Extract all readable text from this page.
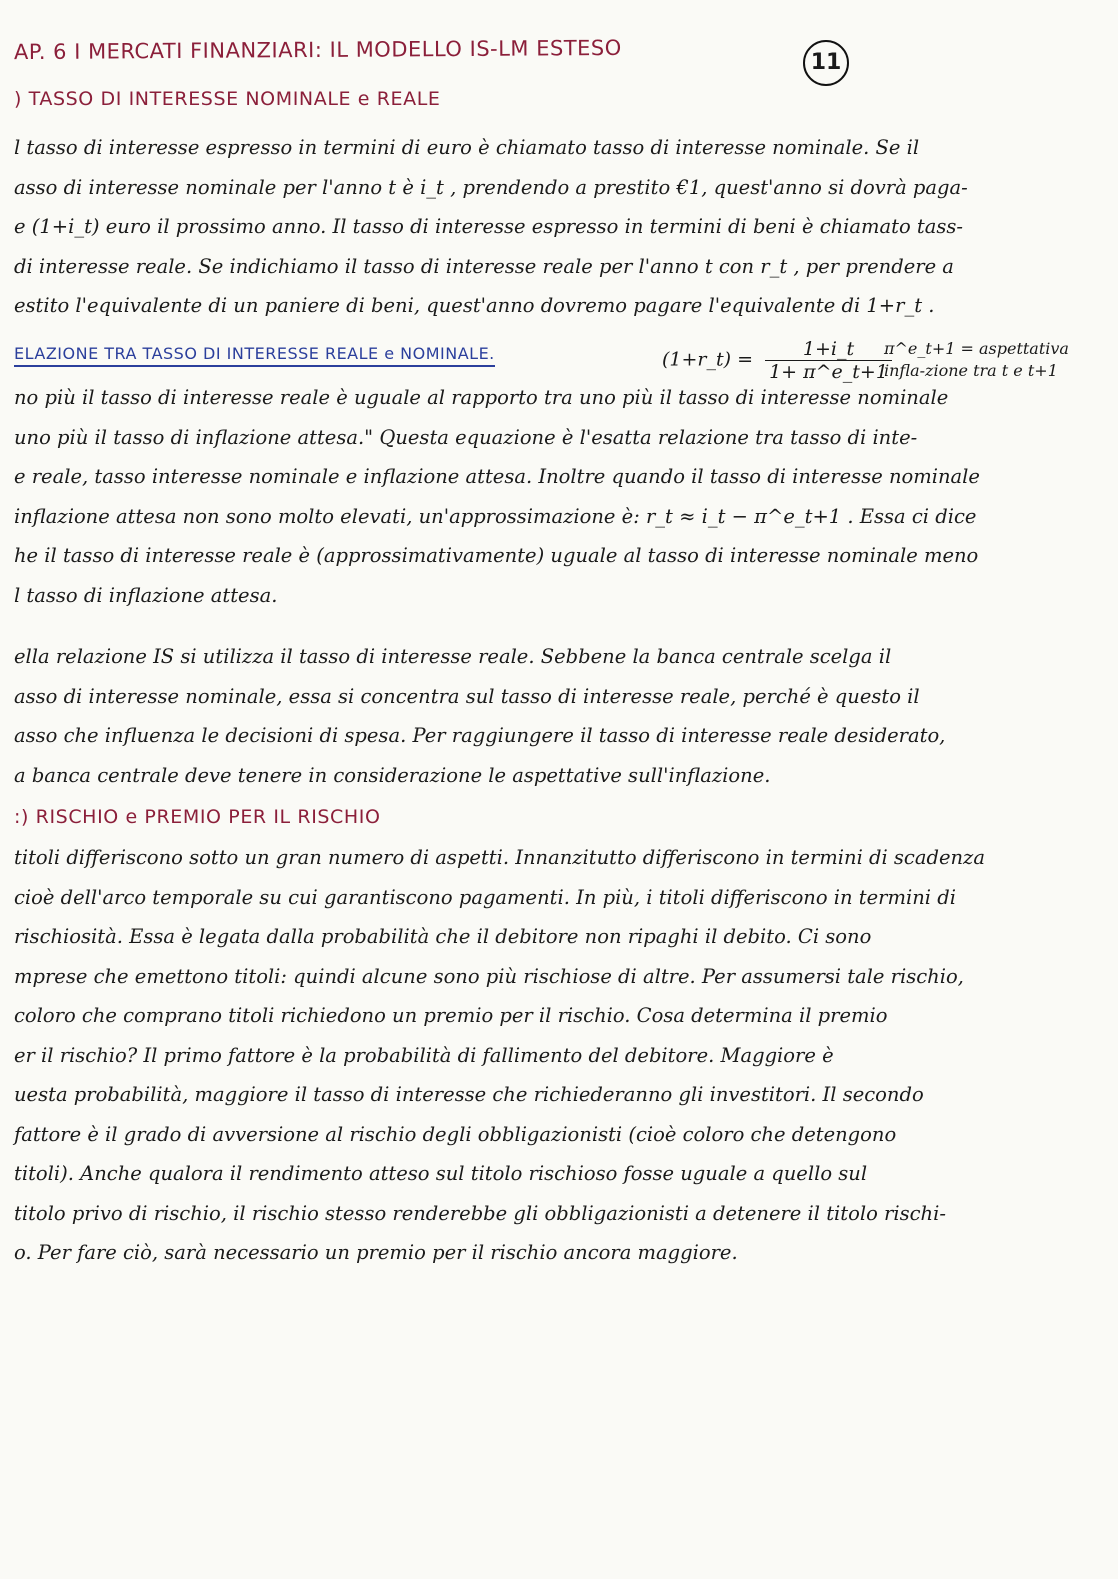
AP. 6 I MERCATI FINANZIARI: IL MODELLO IS-LM ESTESO	11
) TASSO DI INTERESSE NOMINALE e REALE
l tasso di interesse espresso in termini di euro è chiamato tasso di interesse nominale. Se il
asso di interesse nominale per l'anno t è i_t , prendendo a prestito €1, quest'anno si dovrà paga-
e (1+i_t) euro il prossimo anno. Il tasso di interesse espresso in termini di beni è chiamato tass-
di interesse reale. Se indichiamo il tasso di interesse reale per l'anno t con r_t , per prendere a
estito l'equivalente di un paniere di beni, quest'anno dovremo pagare l'equivalente di 1+r_t .
ELAZIONE TRA TASSO DI INTERESSE REALE e NOMINALE.	(1+r_t) = $\frac{1+i\_t}{1+ \pi\^{}e\_t+1}$
π^e_t+1 = aspettativa infla-zione tra t e t+1
no più il tasso di interesse reale è uguale al rapporto tra uno più il tasso di interesse nominale
uno più il tasso di inflazione attesa." Questa equazione è l'esatta relazione tra tasso di inte-
e reale, tasso interesse nominale e inflazione attesa. Inoltre quando il tasso di interesse nominale
inflazione attesa non sono molto elevati, un'approssimazione è: r_t ≈ i_t − π^e_t+1 . Essa ci dice
he il tasso di interesse reale è (approssimativamente) uguale al tasso di interesse nominale meno
l tasso di inflazione attesa.
ella relazione IS si utilizza il tasso di interesse reale. Sebbene la banca centrale scelga il
asso di interesse nominale, essa si concentra sul tasso di interesse reale, perché è questo il
asso che influenza le decisioni di spesa. Per raggiungere il tasso di interesse reale desiderato,
a banca centrale deve tenere in considerazione le aspettative sull'inflazione.
:) RISCHIO e PREMIO PER IL RISCHIO
titoli differiscono sotto un gran numero di aspetti. Innanzitutto differiscono in termini di scadenza
cioè dell'arco temporale su cui garantiscono pagamenti. In più, i titoli differiscono in termini di
rischiosità. Essa è legata dalla probabilità che il debitore non ripaghi il debito. Ci sono
mprese che emettono titoli: quindi alcune sono più rischiose di altre. Per assumersi tale rischio,
coloro che comprano titoli richiedono un premio per il rischio. Cosa determina il premio
er il rischio? Il primo fattore è la probabilità di fallimento del debitore. Maggiore è
uesta probabilità, maggiore il tasso di interesse che richiederanno gli investitori. Il secondo
fattore è il grado di avversione al rischio degli obbligazionisti (cioè coloro che detengono
titoli). Anche qualora il rendimento atteso sul titolo rischioso fosse uguale a quello sul
titolo privo di rischio, il rischio stesso renderebbe gli obbligazionisti a detenere il titolo rischi-
o. Per fare ciò, sarà necessario un premio per il rischio ancora maggiore.
